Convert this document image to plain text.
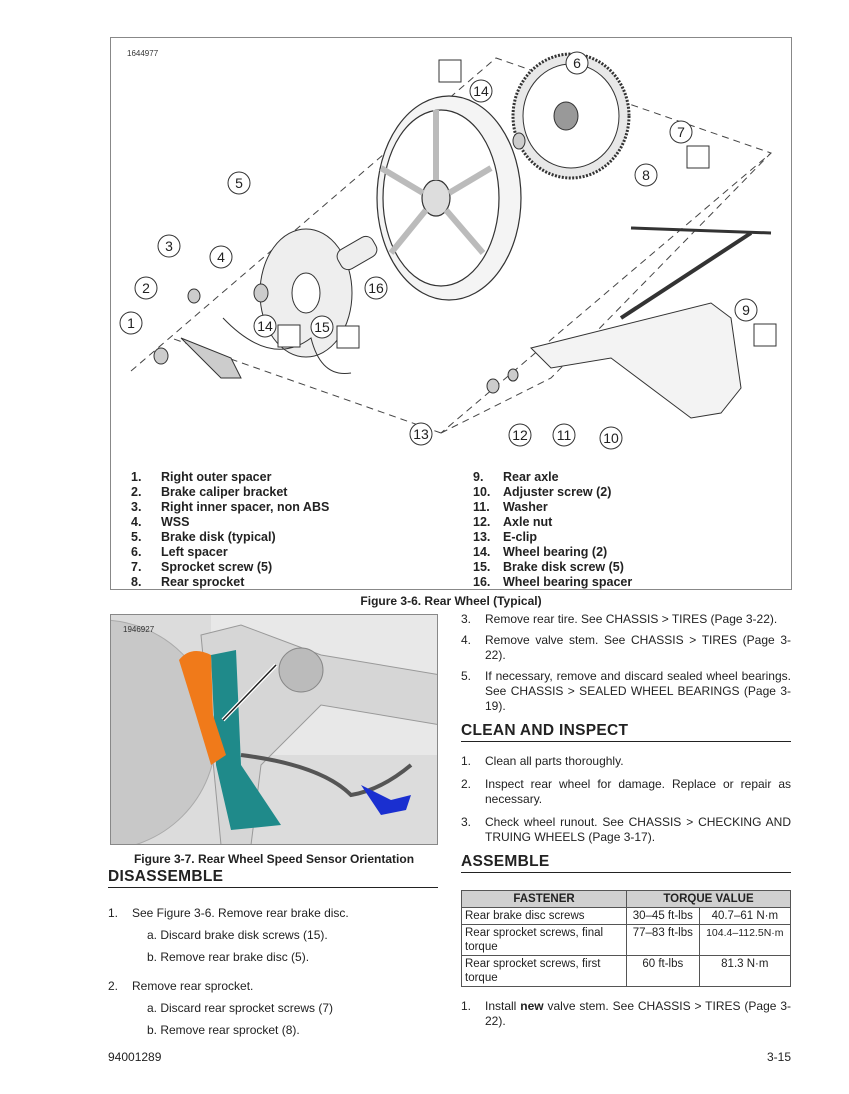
1644977
6
14
7
8
5
3
4
16
2
9
14	15
1
13	12 11 10
1.	Right outer spacer
2.	Brake caliper bracket
3.	Right inner spacer, non ABS
4.	WSS
5.	Brake disk (typical)
6.	Left spacer
7.	Sprocket screw (5)
8.	Rear sprocket
9.	Rear axle
10.	Adjuster screw (2)
11.	Washer
12.	Axle nut
13.	E-clip
14.	Wheel bearing (2)
15.	Brake disk screw (5)
16.	Wheel bearing spacer
Figure 3-6. Rear Wheel (Typical)
1946927
Figure 3-7. Rear Wheel Speed Sensor Orientation
DISASSEMBLE
1.	See Figure 3-6. Remove rear brake disc.
a. Discard brake disk screws (15).
b. Remove rear brake disc (5).
2.	Remove rear sprocket.
a. Discard rear sprocket screws (7)
b. Remove rear sprocket (8).
3.	Remove rear tire. See CHASSIS > TIRES (Page 3-22).
4.	Remove valve stem. See CHASSIS > TIRES (Page 3-22).
5.	If necessary, remove and discard sealed wheel bearings. See CHASSIS > SEALED WHEEL BEARINGS (Page 3-19).
CLEAN AND INSPECT
1.	Clean all parts thoroughly.
2.	Inspect rear wheel for damage. Replace or repair as necessary.
3.	Check wheel runout. See CHASSIS > CHECKING AND TRUING WHEELS (Page 3-17).
ASSEMBLE
FASTENER	TORQUE VALUE	
Rear brake disc screws	30–45 ft-lbs	40.7–61 N·m
Rear sprocket screws, final torque	77–83 ft-lbs	104.4–112.5N·m
Rear sprocket screws, first torque	60 ft-lbs	81.3 N·m
1.	Install new valve stem. See CHASSIS > TIRES (Page 3-22).
94001289	3-15
